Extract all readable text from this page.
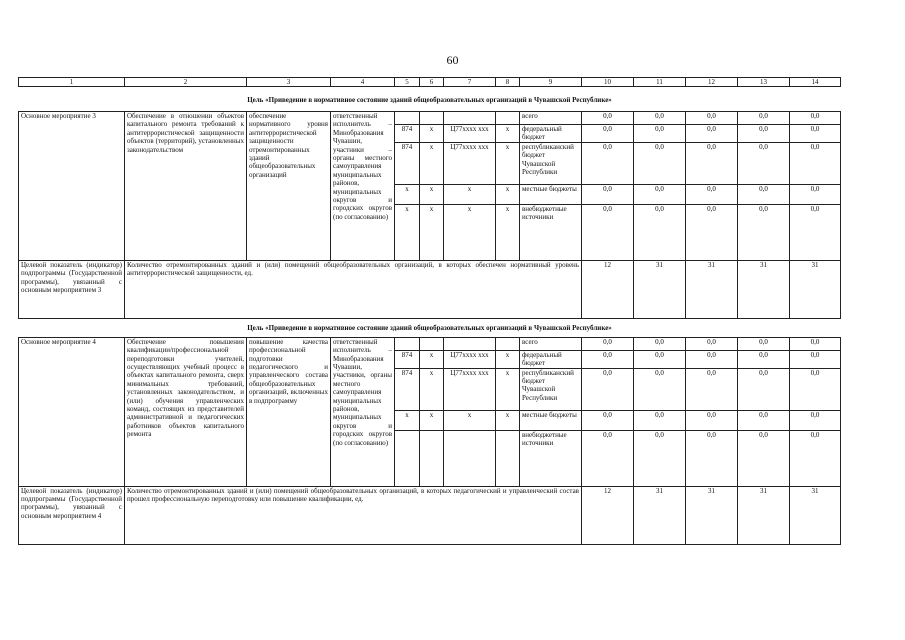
60
1	2	3	4	5	6	7	8	9	10	11	12	13	14
Цель «Приведение в нормативное состояние зданий общеобразовательных организаций в Чувашской Республике»													
Основное мероприятие 3	Обеспечение в отношении объектов капитального ремонта требований к антитеррористической защищенности объектов (территорий), установленных законодательством	обеспечение нормативного уровня антитеррористической защищенности отремонтированных зданий общеобразовательных организаций	ответственный исполнитель – Минобразования Чувашии, участники – органы местного самоуправления муниципальных районов, муниципальных округов и городских округов (по согласованию)					всего	0,0	0,0	0,0	0,0	0,0
				874	х	Ц77xxxx xxx	х	федеральный бюджет	0,0	0,0	0,0	0,0	0,0
				874	х	Ц77xxxx xxx	х	республиканский бюджет Чувашской Республики	0,0	0,0	0,0	0,0	0,0
				х	х	х	х	местные бюджеты	0,0	0,0	0,0	0,0	0,0
				х	х	х	х	внебюджетные источники	0,0	0,0	0,0	0,0	0,0
Целевой показатель (индикатор) подпрограммы (Государственной программы), увязанный с основным мероприятием 3	Количество отремонтированных зданий и (или) помещений общеобразовательных организаций, в которых обеспечен нормативный уровень антитеррористической защищенности, ед.								12	31	31	31	31
Цель «Приведение в нормативное состояние зданий общеобразовательных организаций в Чувашской Республике»													
Основное мероприятие 4	Обеспечение повышения квалификации/профессиональной переподготовки учителей, осуществляющих учебный процесс в объектах капитального ремонта, сверх минимальных требований, установленных законодательством, и (или) обучения управленческих команд, состоящих из представителей административной и педагогических работников объектов капитального ремонта	повышение качества профессиональной подготовки педагогического и управленческого состава общеобразовательных организаций, включенных в подпрограмму	ответственный исполнитель – Минобразования Чувашии, участники, органы местного самоуправления муниципальных районов, муниципальных округов и городских округов (по согласованию)					всего	0,0	0,0	0,0	0,0	0,0
				874	х	Ц77xxxx xxx	х	федеральный бюджет	0,0	0,0	0,0	0,0	0,0
				874	х	Ц77xxxx xxx	х	республиканский бюджет Чувашской Республики	0,0	0,0	0,0	0,0	0,0
				х	х	х	х	местные бюджеты	0,0	0,0	0,0	0,0	0,0
								внебюджетные источники	0,0	0,0	0,0	0,0	0,0
Целевой показатель (индикатор) подпрограммы (Государственной программы), увязанный с основным мероприятием 4	Количество отремонтированных зданий и (или) помещений общеобразовательных организаций, в которых педагогический и управленческий состав прошел профессиональную переподготовку или повышение квалификации, ед.								12	31	31	31	31
